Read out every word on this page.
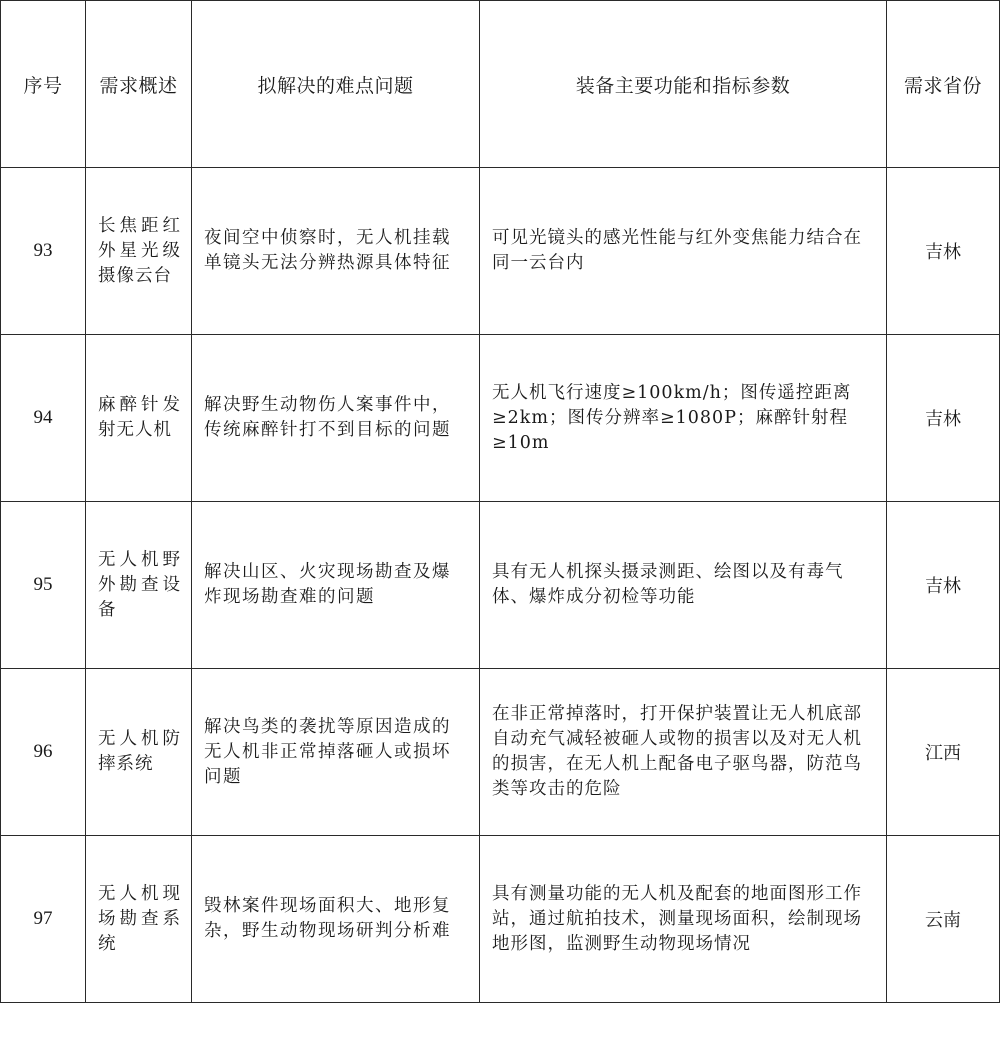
序号	需求概述	拟解决的难点问题	装备主要功能和指标参数	需求省份
93	长焦距红外星光级摄像云台	夜间空中侦察时，无人机挂载单镜头无法分辨热源具体特征	可见光镜头的感光性能与红外变焦能力结合在同一云台内	吉林
94	麻醉针发射无人机	解决野生动物伤人案事件中，传统麻醉针打不到目标的问题	无人机飞行速度≥100km/h；图传遥控距离≥2km；图传分辨率≥1080P；麻醉针射程≥10m	吉林
95	无人机野外勘查设备	解决山区、火灾现场勘查及爆炸现场勘查难的问题	具有无人机探头摄录测距、绘图以及有毒气体、爆炸成分初检等功能	吉林
96	无人机防摔系统	解决鸟类的袭扰等原因造成的无人机非正常掉落砸人或损坏问题	在非正常掉落时，打开保护装置让无人机底部自动充气减轻被砸人或物的损害以及对无人机的损害，在无人机上配备电子驱鸟器，防范鸟类等攻击的危险	江西
97	无人机现场勘查系统	毁林案件现场面积大、地形复杂，野生动物现场研判分析难	具有测量功能的无人机及配套的地面图形工作站，通过航拍技术，测量现场面积，绘制现场地形图，监测野生动物现场情况	云南
